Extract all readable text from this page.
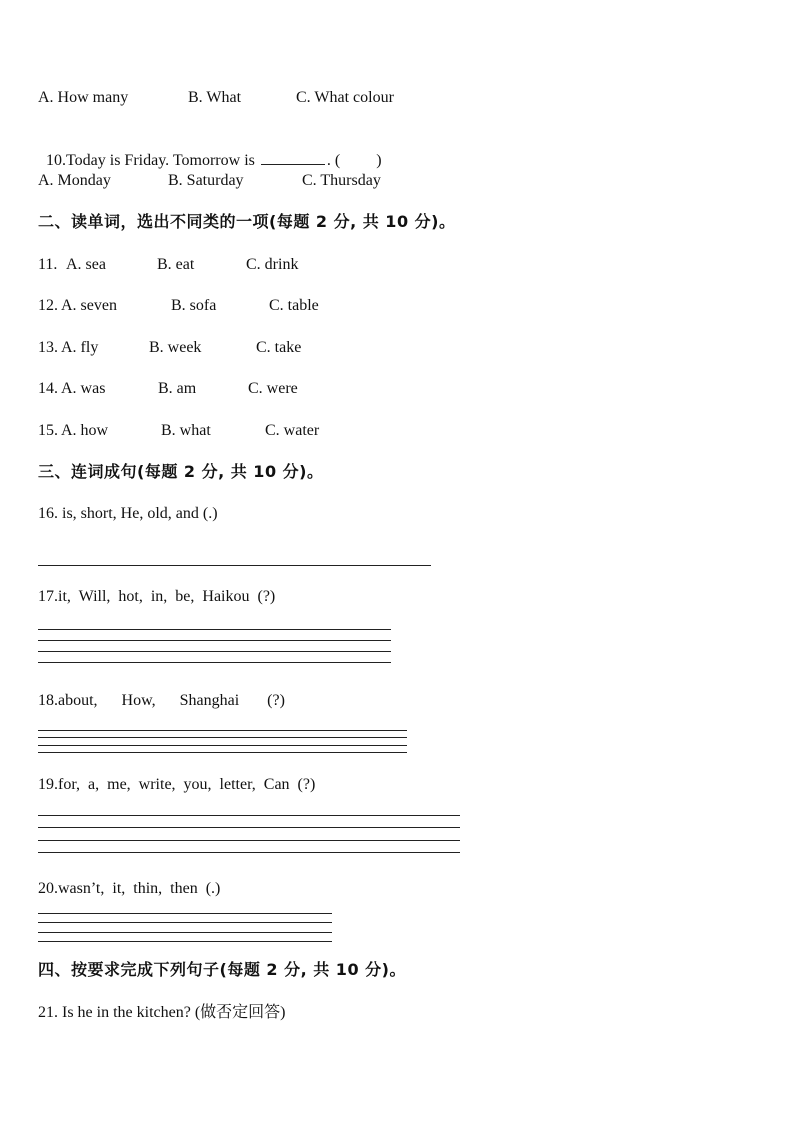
A. How many	B. What	C. What colour

10.Today is Friday. Tomorrow is	. ( )

A. Monday	B. Saturday	C. Thursday
二、读单词，选出不同类的一项(每题 2 分, 共 10 分)。
11. A. sea	B. eat	C. drink
12. A. seven	B. sofa	C. table
13. A. fly	B. week	C. take
14. A. was	B. am	C. were
15. A. how	B. what	C. water
三、连词成句(每题 2 分, 共 10 分)。
16. is, short, He, old, and (.)
17.it,  Will,  hot,  in,  be,  Haikou  (?)
18.about,      How,      Shanghai       (?)
19.for,  a,  me,  write,  you,  letter,  Can  (?)
20.wasn’t,  it,  thin,  then  (.)
四、按要求完成下列句子(每题 2 分, 共 10 分)。
21. Is he in the kitchen? (做否定回答)
